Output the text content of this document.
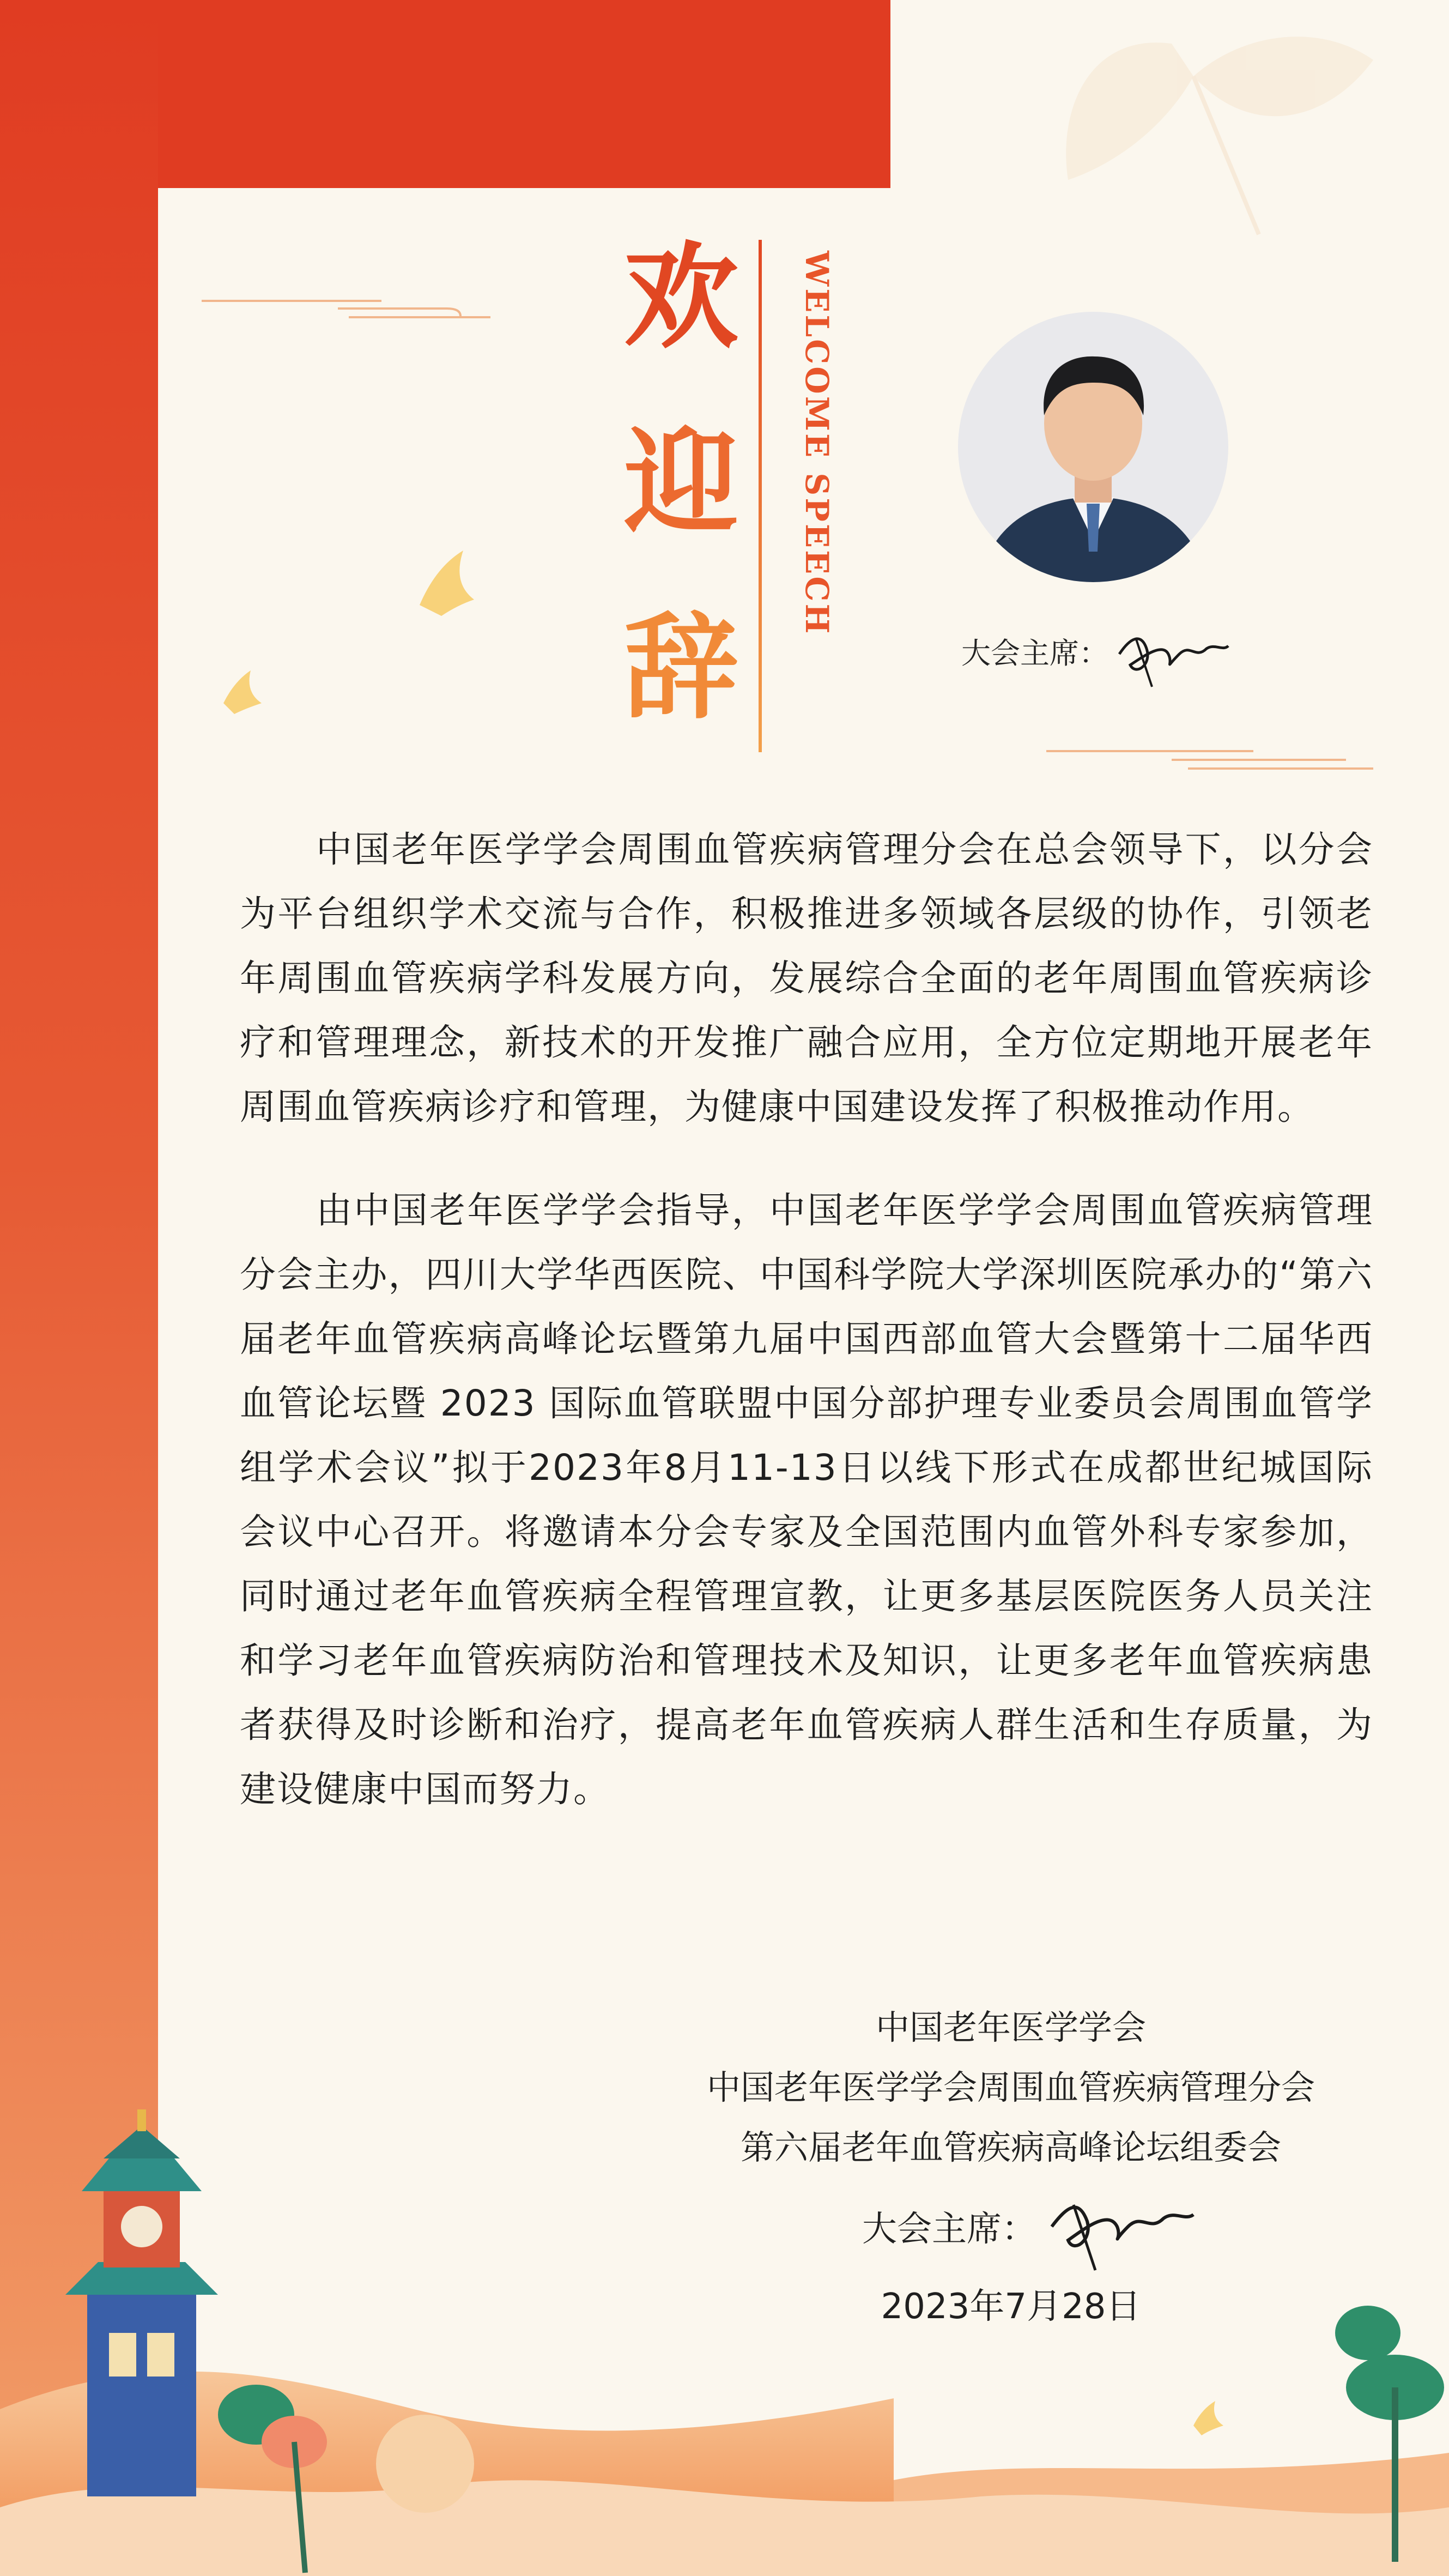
欢
迎
辞
WELCOME SPEECH
大会主席：

中国老年医学学会周围血管疾病管理分会在总会领导下，以分会为平台组织学术交流与合作，积极推进多领域各层级的协作，引领老年周围血管疾病学科发展方向，发展综合全面的老年周围血管疾病诊疗和管理理念，新技术的开发推广融合应用，全方位定期地开展老年周围血管疾病诊疗和管理，为健康中国建设发挥了积极推动作用。

由中国老年医学学会指导，中国老年医学学会周围血管疾病管理分会主办，四川大学华西医院、中国科学院大学深圳医院承办的“第六届老年血管疾病高峰论坛暨第九届中国西部血管大会暨第十二届华西血管论坛暨 2023 国际血管联盟中国分部护理专业委员会周围血管学组学术会议”拟于2023年8月11-13日以线下形式在成都世纪城国际会议中心召开。将邀请本分会专家及全国范围内血管外科专家参加，同时通过老年血管疾病全程管理宣教，让更多基层医院医务人员关注和学习老年血管疾病防治和管理技术及知识，让更多老年血管疾病患者获得及时诊断和治疗，提高老年血管疾病人群生活和生存质量，为建设健康中国而努力。

中国老年医学学会
中国老年医学学会周围血管疾病管理分会
第六届老年血管疾病高峰论坛组委会
大会主席：
2023年7月28日
